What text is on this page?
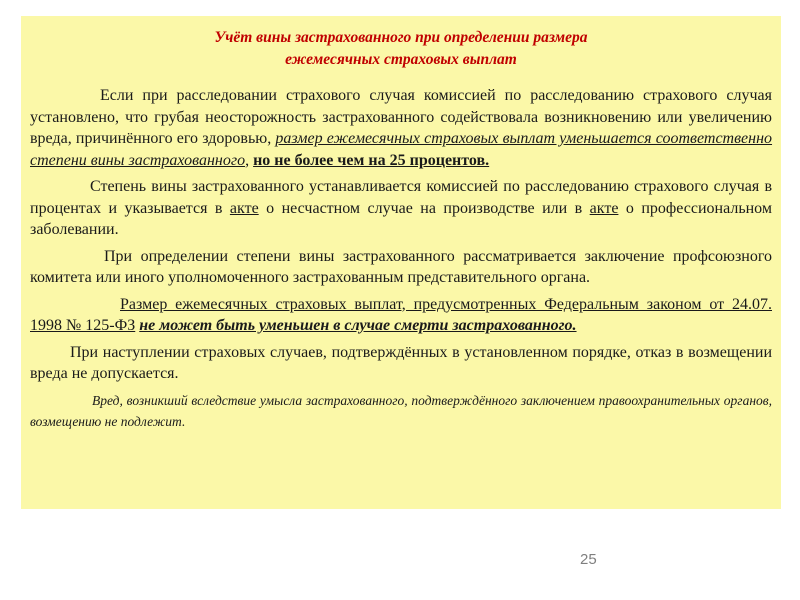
Учёт вины застрахованного при определении размера
ежемесячных страховых выплат

Если при расследовании страхового случая комиссией по расследованию страхового случая установлено, что грубая неосторожность застрахованного содействовала возникновению или увеличению вреда, причинённого его здоровью, размер ежемесячных страховых выплат уменьшается соответственно степени вины застрахованного, но не более чем на 25 процентов.

Степень вины застрахованного устанавливается комиссией по расследованию страхового случая в процентах и указывается в акте о несчастном случае на производстве или в акте о профессиональном заболевании.

При определении степени вины застрахованного рассматривается заключение профсоюзного комитета или иного уполномоченного застрахованным представительного органа.

Размер ежемесячных страховых выплат, предусмотренных Федеральным законом от 24.07. 1998 № 125-ФЗ не может быть уменьшен в случае смерти застрахованного.

При наступлении страховых случаев, подтверждённых в установленном порядке, отказ в возмещении вреда не допускается.

Вред, возникший вследствие умысла застрахованного, подтверждённого заключением правоохранительных органов, возмещению не подлежит.

25
